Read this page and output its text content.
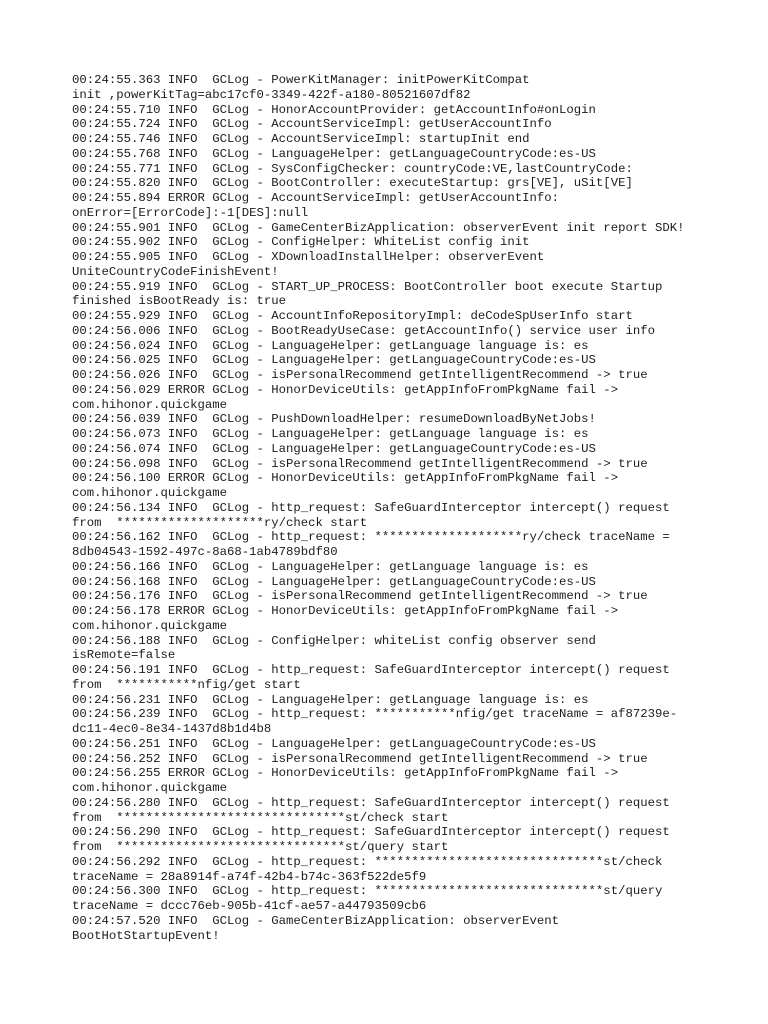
00:24:55.363 INFO  GCLog - PowerKitManager: initPowerKitCompat
init ,powerKitTag=abc17cf0-3349-422f-a180-80521607df82
00:24:55.710 INFO  GCLog - HonorAccountProvider: getAccountInfo#onLogin
00:24:55.724 INFO  GCLog - AccountServiceImpl: getUserAccountInfo
00:24:55.746 INFO  GCLog - AccountServiceImpl: startupInit end
00:24:55.768 INFO  GCLog - LanguageHelper: getLanguageCountryCode:es-US
00:24:55.771 INFO  GCLog - SysConfigChecker: countryCode:VE,lastCountryCode:
00:24:55.820 INFO  GCLog - BootController: executeStartup: grs[VE], uSit[VE]
00:24:55.894 ERROR GCLog - AccountServiceImpl: getUserAccountInfo:
onError=[ErrorCode]:-1[DES]:null
00:24:55.901 INFO  GCLog - GameCenterBizApplication: observerEvent init report SDK!
00:24:55.902 INFO  GCLog - ConfigHelper: WhiteList config init
00:24:55.905 INFO  GCLog - XDownloadInstallHelper: observerEvent
UniteCountryCodeFinishEvent!
00:24:55.919 INFO  GCLog - START_UP_PROCESS: BootController boot execute Startup
finished isBootReady is: true
00:24:55.929 INFO  GCLog - AccountInfoRepositoryImpl: deCodeSpUserInfo start
00:24:56.006 INFO  GCLog - BootReadyUseCase: getAccountInfo() service user info
00:24:56.024 INFO  GCLog - LanguageHelper: getLanguage language is: es
00:24:56.025 INFO  GCLog - LanguageHelper: getLanguageCountryCode:es-US
00:24:56.026 INFO  GCLog - isPersonalRecommend getIntelligentRecommend -> true
00:24:56.029 ERROR GCLog - HonorDeviceUtils: getAppInfoFromPkgName fail ->
com.hihonor.quickgame
00:24:56.039 INFO  GCLog - PushDownloadHelper: resumeDownloadByNetJobs!
00:24:56.073 INFO  GCLog - LanguageHelper: getLanguage language is: es
00:24:56.074 INFO  GCLog - LanguageHelper: getLanguageCountryCode:es-US
00:24:56.098 INFO  GCLog - isPersonalRecommend getIntelligentRecommend -> true
00:24:56.100 ERROR GCLog - HonorDeviceUtils: getAppInfoFromPkgName fail ->
com.hihonor.quickgame
00:24:56.134 INFO  GCLog - http_request: SafeGuardInterceptor intercept() request
from  ********************ry/check start
00:24:56.162 INFO  GCLog - http_request: ********************ry/check traceName =
8db04543-1592-497c-8a68-1ab4789bdf80
00:24:56.166 INFO  GCLog - LanguageHelper: getLanguage language is: es
00:24:56.168 INFO  GCLog - LanguageHelper: getLanguageCountryCode:es-US
00:24:56.176 INFO  GCLog - isPersonalRecommend getIntelligentRecommend -> true
00:24:56.178 ERROR GCLog - HonorDeviceUtils: getAppInfoFromPkgName fail ->
com.hihonor.quickgame
00:24:56.188 INFO  GCLog - ConfigHelper: whiteList config observer send
isRemote=false
00:24:56.191 INFO  GCLog - http_request: SafeGuardInterceptor intercept() request
from  ***********nfig/get start
00:24:56.231 INFO  GCLog - LanguageHelper: getLanguage language is: es
00:24:56.239 INFO  GCLog - http_request: ***********nfig/get traceName = af87239e-
dc11-4ec0-8e34-1437d8b1d4b8
00:24:56.251 INFO  GCLog - LanguageHelper: getLanguageCountryCode:es-US
00:24:56.252 INFO  GCLog - isPersonalRecommend getIntelligentRecommend -> true
00:24:56.255 ERROR GCLog - HonorDeviceUtils: getAppInfoFromPkgName fail ->
com.hihonor.quickgame
00:24:56.280 INFO  GCLog - http_request: SafeGuardInterceptor intercept() request
from  *******************************st/check start
00:24:56.290 INFO  GCLog - http_request: SafeGuardInterceptor intercept() request
from  *******************************st/query start
00:24:56.292 INFO  GCLog - http_request: *******************************st/check
traceName = 28a8914f-a74f-42b4-b74c-363f522de5f9
00:24:56.300 INFO  GCLog - http_request: *******************************st/query
traceName = dccc76eb-905b-41cf-ae57-a44793509cb6
00:24:57.520 INFO  GCLog - GameCenterBizApplication: observerEvent
BootHotStartupEvent!
